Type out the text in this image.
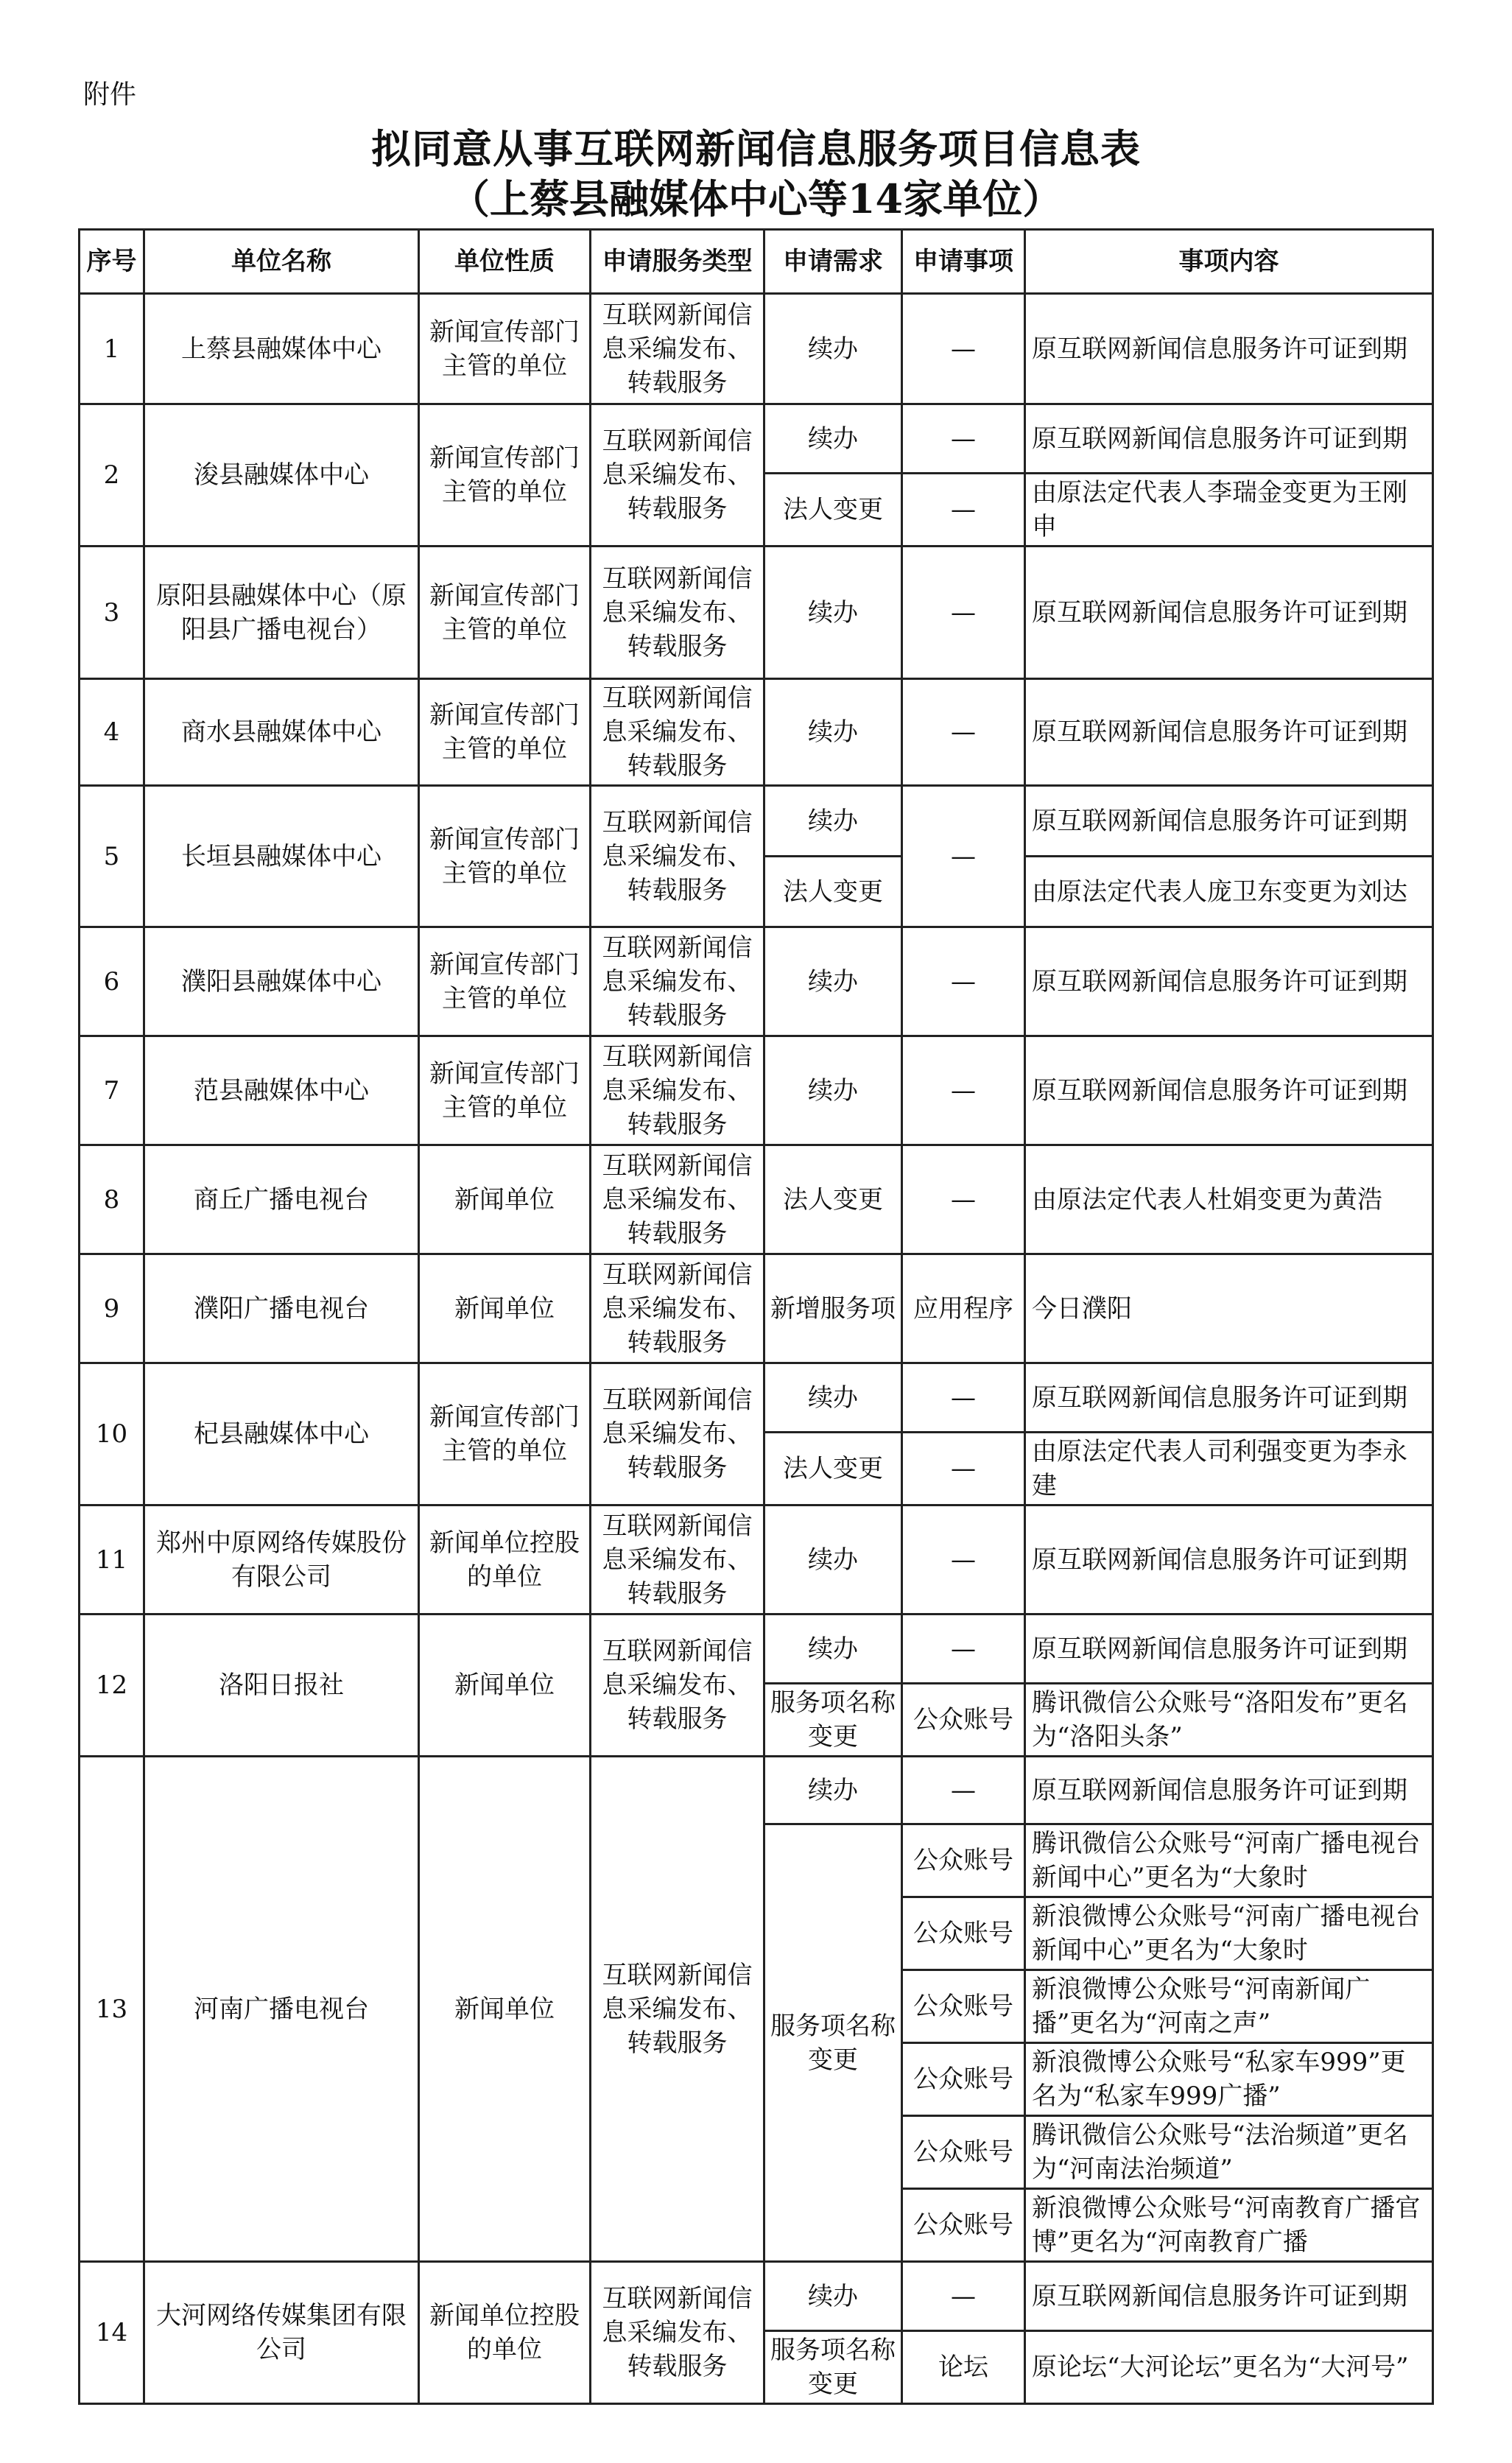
附件
拟同意从事互联网新闻信息服务项目信息表
（上蔡县融媒体中心等14家单位）
序号	单位名称	单位性质	申请服务类型	申请需求	申请事项	事项内容
1	上蔡县融媒体中心	新闻宣传部门主管的单位	互联网新闻信息采编发布、转载服务	续办	—	原互联网新闻信息服务许可证到期
2	浚县融媒体中心	新闻宣传部门主管的单位	互联网新闻信息采编发布、转载服务	续办	—	原互联网新闻信息服务许可证到期
				法人变更	—	由原法定代表人李瑞金变更为王刚申
3	原阳县融媒体中心（原阳县广播电视台）	新闻宣传部门主管的单位	互联网新闻信息采编发布、转载服务	续办	—	原互联网新闻信息服务许可证到期
4	商水县融媒体中心	新闻宣传部门主管的单位	互联网新闻信息采编发布、转载服务	续办	—	原互联网新闻信息服务许可证到期
5	长垣县融媒体中心	新闻宣传部门主管的单位	互联网新闻信息采编发布、转载服务	续办	—	原互联网新闻信息服务许可证到期
				法人变更		由原法定代表人庞卫东变更为刘达
6	濮阳县融媒体中心	新闻宣传部门主管的单位	互联网新闻信息采编发布、转载服务	续办	—	原互联网新闻信息服务许可证到期
7	范县融媒体中心	新闻宣传部门主管的单位	互联网新闻信息采编发布、转载服务	续办	—	原互联网新闻信息服务许可证到期
8	商丘广播电视台	新闻单位	互联网新闻信息采编发布、转载服务	法人变更	—	由原法定代表人杜娟变更为黄浩
9	濮阳广播电视台	新闻单位	互联网新闻信息采编发布、转载服务	新增服务项	应用程序	今日濮阳
10	杞县融媒体中心	新闻宣传部门主管的单位	互联网新闻信息采编发布、转载服务	续办	—	原互联网新闻信息服务许可证到期
				法人变更	—	由原法定代表人司利强变更为李永建
11	郑州中原网络传媒股份有限公司	新闻单位控股的单位	互联网新闻信息采编发布、转载服务	续办	—	原互联网新闻信息服务许可证到期
12	洛阳日报社	新闻单位	互联网新闻信息采编发布、转载服务	续办	—	原互联网新闻信息服务许可证到期
				服务项名称变更	公众账号	腾讯微信公众账号“洛阳发布”更名为“洛阳头条”
13	河南广播电视台	新闻单位	互联网新闻信息采编发布、转载服务	续办	—	原互联网新闻信息服务许可证到期
				服务项名称变更	公众账号	腾讯微信公众账号“河南广播电视台新闻中心”更名为“大象时
					公众账号	新浪微博公众账号“河南广播电视台新闻中心”更名为“大象时
					公众账号	新浪微博公众账号“河南新闻广播”更名为“河南之声”
					公众账号	新浪微博公众账号“私家车999”更名为“私家车999广播”
					公众账号	腾讯微信公众账号“法治频道”更名为“河南法治频道”
					公众账号	新浪微博公众账号“河南教育广播官博”更名为“河南教育广播
14	大河网络传媒集团有限公司	新闻单位控股的单位	互联网新闻信息采编发布、转载服务	续办	—	原互联网新闻信息服务许可证到期
				服务项名称变更	论坛	原论坛“大河论坛”更名为“大河号”
